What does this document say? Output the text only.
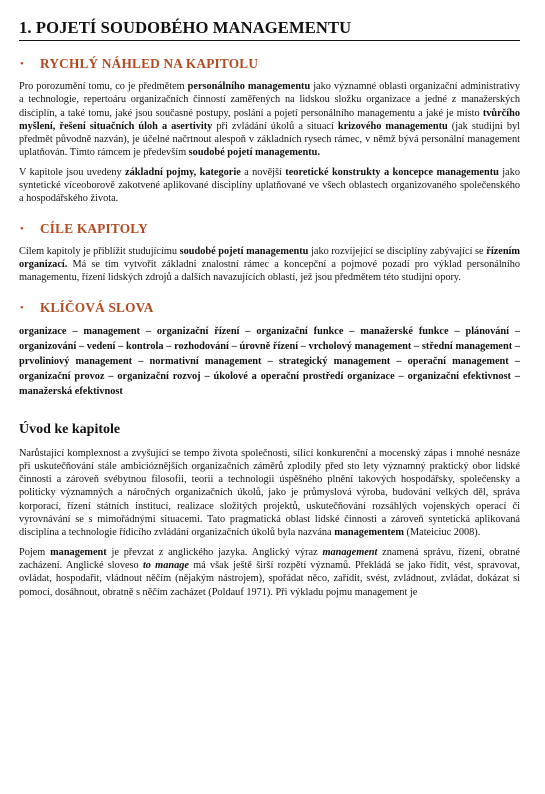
1. POJETÍ SOUDOBÉHO MANAGEMENTU
•	RYCHLÝ NÁHLED NA KAPITOLU

Pro porozumění tomu, co je předmětem personálního managementu jako významné oblasti organizační administrativy a technologie, repertoáru organizačních činností zaměřených na lidskou složku organizace a jedné z manažerských disciplín, a také tomu, jaké jsou současné postupy, poslání a pojetí personálního managementu a jaké je místo tvůrčího myšlení, řešení situačních úloh a asertivity při zvládání úkolů a situací krizového managementu (jak studijní byl předmět původně nazván), je účelné načrtnout alespoň v základních rysech rámec, v němž bývá personální management uplatňován. Tímto rámcem je především soudobé pojetí managementu.

V kapitole jsou uvedeny základní pojmy, kategorie a novější teoretické konstrukty a koncepce managementu jako syntetické víceoborově zakotvené aplikované disciplíny uplatňované ve všech oblastech organizovaného společenského a hospodářského života.

•	CÍLE KAPITOLY

Cílem kapitoly je přiblížit studujícímu soudobé pojetí managementu jako rozvíjející se disciplíny zabývající se řízením organizací. Má se tím vytvořit základní znalostní rámec a koncepční a pojmové pozadí pro výklad personálního managementu, řízení lidských zdrojů a dalších navazujících oblastí, jež jsou předmětem této studijní opory.

•	KLÍČOVÁ SLOVA

organizace – management – organizační řízení – organizační funkce – manažerské funkce – plánování – organizování – vedení – kontrola – rozhodování – úrovně řízení – vrcholový management – střední management – prvoliniový management – normativní management – strategický management – operační management – organizační provoz – organizační rozvoj – úkolové a operační prostředí organizace – organizační efektivnost – manažerská efektivnost

Úvod ke kapitole

Narůstající komplexnost a zvyšující se tempo života společnosti, sílící konkurenční a mocenský zápas i mnohé nesnáze při uskutečňování stále ambicióznějších organizačních záměrů zplodily před sto lety významný praktický obor lidské činnosti a zároveň svébytnou filosofii, teorii a technologii úspěšného plnění takových hospodářsky, společensky a politicky významných a náročných organizačních úkolů, jako je průmyslová výroba, budování velkých děl, správa korporací, řízení státních institucí, realizace složitých projektů, uskutečňování rozsáhlých vojenských operací či vyrovnávání se s mimořádnými situacemi. Tato pragmatická oblast lidské činnosti a zároveň syntetická aplikovaná disciplína a technologie řídicího zvládání organizačních úkolů byla nazvána managementem (Mateiciuc 2008).

Pojem management je převzat z anglického jazyka. Anglický výraz management znamená správu, řízení, obratné zacházení. Anglické sloveso to manage má však ještě širší rozpětí významů. Překládá se jako řídit, vést, spravovat, ovládat, hospodařit, vládnout něčím (nějakým nástrojem), spořádat něco, zařídit, svést, zvládnout, zvládat, dokázat si pomoci, dosáhnout, obratně s něčím zacházet (Poldauf 1971). Při výkladu pojmu management je
